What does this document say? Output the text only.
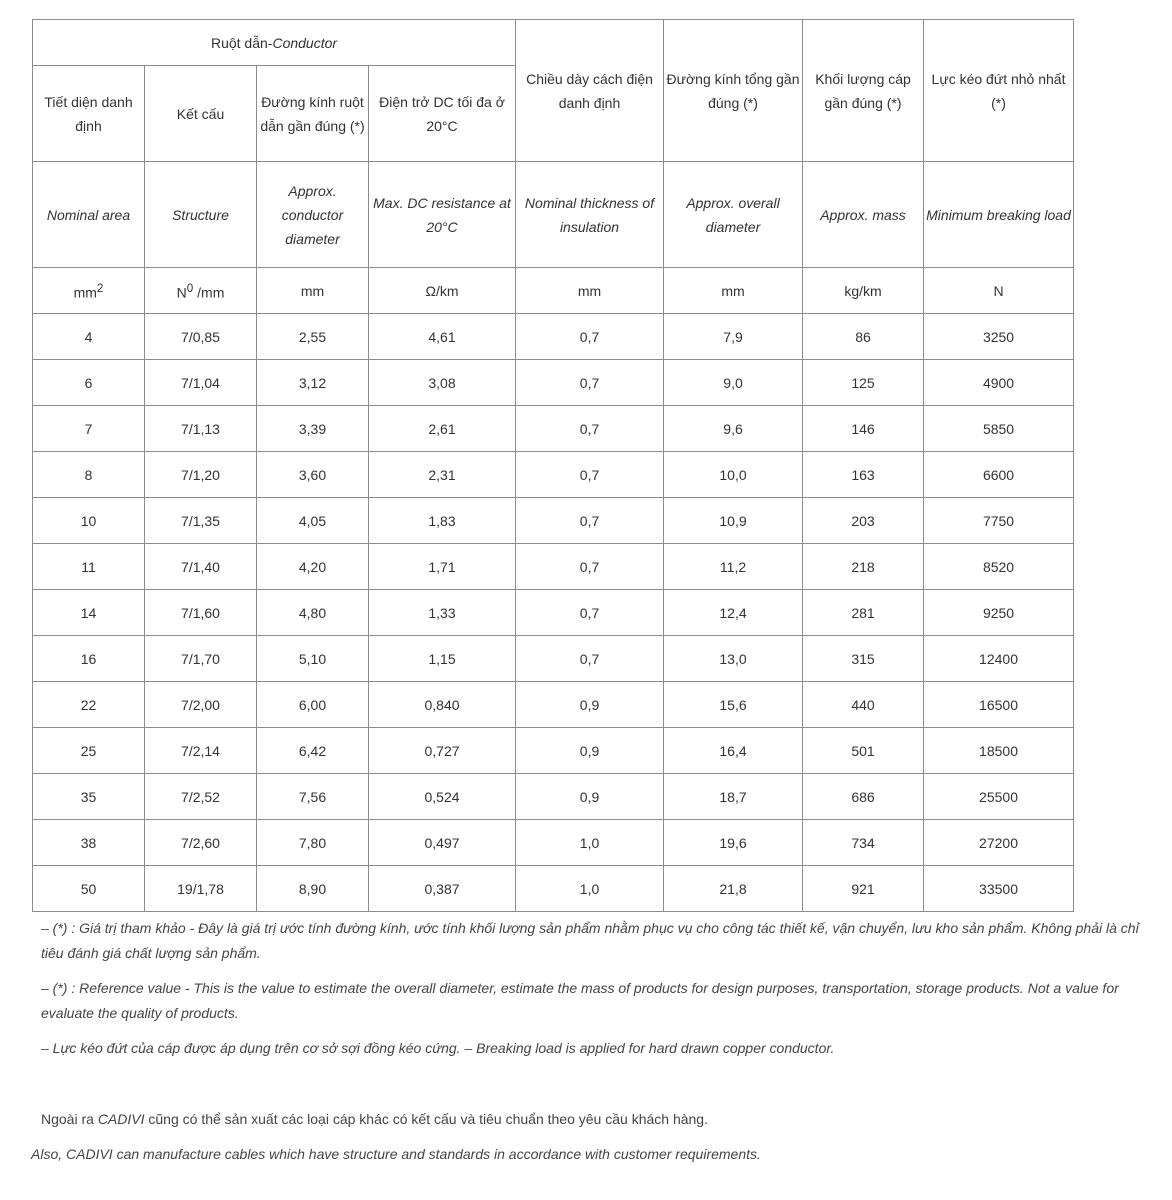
Ruột dẫn-Conductor				Chiều dày cách điện danh định	Đường kính tổng gần đúng (*)	Khối lượng cáp gần đúng (*)	Lực kéo đứt nhỏ nhất (*)
Tiết diện danh định	Kết cấu	Đường kính ruột dẫn gần đúng (*)	Điện trở DC tối đa ở 20°C				
Nominal area	Structure	Approx. conductor diameter	Max. DC resistance at 20°C	Nominal thickness of insulation	Approx. overall diameter	Approx. mass	Minimum breaking load
$mm^2$	$N^0$ /mm	mm	Ω/km	mm	mm	kg/km	N
4	7/0,85	2,55	4,61	0,7	7,9	86	3250
6	7/1,04	3,12	3,08	0,7	9,0	125	4900
7	7/1,13	3,39	2,61	0,7	9,6	146	5850
8	7/1,20	3,60	2,31	0,7	10,0	163	6600
10	7/1,35	4,05	1,83	0,7	10,9	203	7750
11	7/1,40	4,20	1,71	0,7	11,2	218	8520
14	7/1,60	4,80	1,33	0,7	12,4	281	9250
16	7/1,70	5,10	1,15	0,7	13,0	315	12400
22	7/2,00	6,00	0,840	0,9	15,6	440	16500
25	7/2,14	6,42	0,727	0,9	16,4	501	18500
35	7/2,52	7,56	0,524	0,9	18,7	686	25500
38	7/2,60	7,80	0,497	1,0	19,6	734	27200
50	19/1,78	8,90	0,387	1,0	21,8	921	33500

– (*) : Giá trị tham khảo - Đây là giá trị ước tính đường kính, ước tính khối lượng sản phẩm nhằm phục vụ cho công tác thiết kế, vận chuyển, lưu kho sản phẩm. Không phải là chỉ tiêu đánh giá chất lượng sản phẩm.

– (*) : Reference value - This is the value to estimate the overall diameter, estimate the mass of products for design purposes, transportation, storage products. Not a value for evaluate the quality of products.

– Lực kéo đứt của cáp được áp dụng trên cơ sở sợi đồng kéo cứng. – Breaking load is applied for hard drawn copper conductor.

Ngoài ra CADIVI cũng có thể sản xuất các loại cáp khác có kết cấu và tiêu chuẩn theo yêu cầu khách hàng.
Also, CADIVI can manufacture cables which have structure and standards in accordance with customer requirements.
